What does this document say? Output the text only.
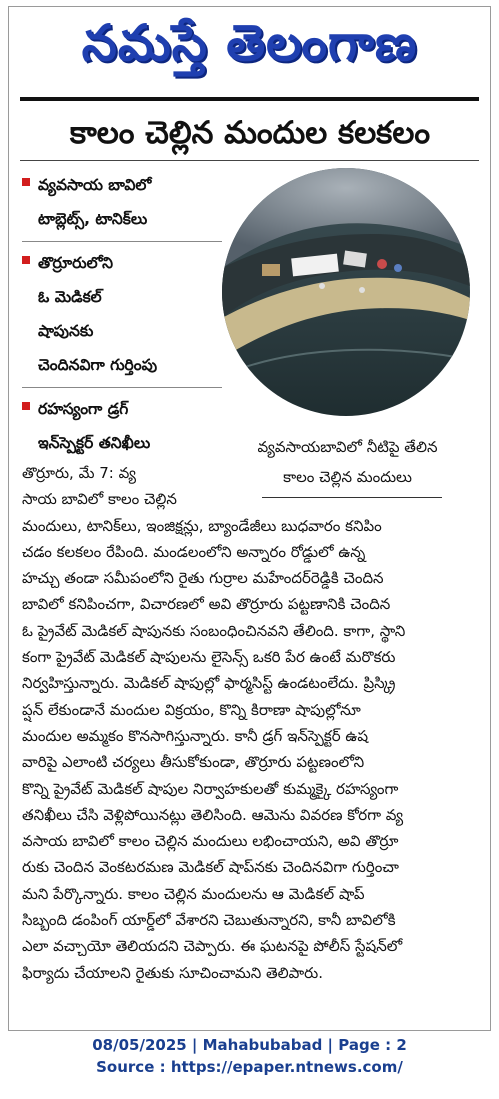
నమస్తే తెలంగాణ
కాలం చెల్లిన మందుల కలకలం
వ్యవసాయ బావిలో
టాబ్లెట్స్, టానిక్‌లు
తొర్రూరులోని
ఓ మెడికల్
షాపునకు
చెందినవిగా గుర్తింపు
రహస్యంగా డ్రగ్
ఇన్‌స్పెక్టర్ తనిఖీలు	వ్యవసాయబావిలో నీటిపై తేలిన
కాలం చెల్లిన మందులు
తొర్రూరు, మే 7: వ్య
సాయ బావిలో కాలం చెల్లిన
మందులు, టానిక్‌లు, ఇంజిక్షన్లు, బ్యాండేజీలు బుధవారం కనిపిం
చడం కలకలం రేపింది. మండలంలోని అన్నారం రోడ్డులో ఉన్న
హచ్చు తండా సమీపంలోని రైతు గుర్రాల మహేందర్‌రెడ్డికి చెందిన
బావిలో కనిపించగా, విచారణలో అవి తొర్రూరు పట్టణానికి చెందిన
ఓ ప్రైవేట్ మెడికల్ షాపునకు సంబంధించినవని తేలింది. కాగా, స్థాని
కంగా ప్రైవేట్ మెడికల్ షాపులను లైసెన్స్ ఒకరి పేర ఉంటే మరొకరు
నిర్వహిస్తున్నారు. మెడికల్ షాపుల్లో ఫార్మసిస్ట్ ఉండటంలేదు. ప్రిస్క్రి
ప్షన్ లేకుండానే మందుల విక్రయం, కొన్ని కిరాణా షాపుల్లోనూ
మందుల అమ్మకం కొనసాగిస్తున్నారు. కానీ డ్రగ్ ఇన్‌స్పెక్టర్ ఉష
వారిపై ఎలాంటి చర్యలు తీసుకోకుండా, తొర్రూరు పట్టణంలోని
కొన్ని ప్రైవేట్ మెడికల్ షాపుల నిర్వాహకులతో కుమ్మక్కై రహస్యంగా
తనిఖీలు చేసి వెళ్లిపోయినట్లు తెలిసింది. ఆమెను వివరణ కోరగా వ్య
వసాయ బావిలో కాలం చెల్లిన మందులు లభించాయని, అవి తొర్రూ
రుకు చెందిన వెంకటరమణ మెడికల్ షాప్‌నకు చెందినవిగా గుర్తించా
మని పేర్కొన్నారు. కాలం చెల్లిన మందులను ఆ మెడికల్ షాప్
సిబ్బంది డంపింగ్ యార్డ్‌లో వేశారని చెబుతున్నారని, కానీ బావిలోకి
ఎలా వచ్చాయో తెలియదని చెప్పారు. ఈ ఘటనపై పోలీస్ స్టేషన్‌లో
ఫిర్యాదు చేయాలని రైతుకు సూచించామని తెలిపారు.
08/05/2025 | Mahabubabad | Page : 2
Source : https://epaper.ntnews.com/
